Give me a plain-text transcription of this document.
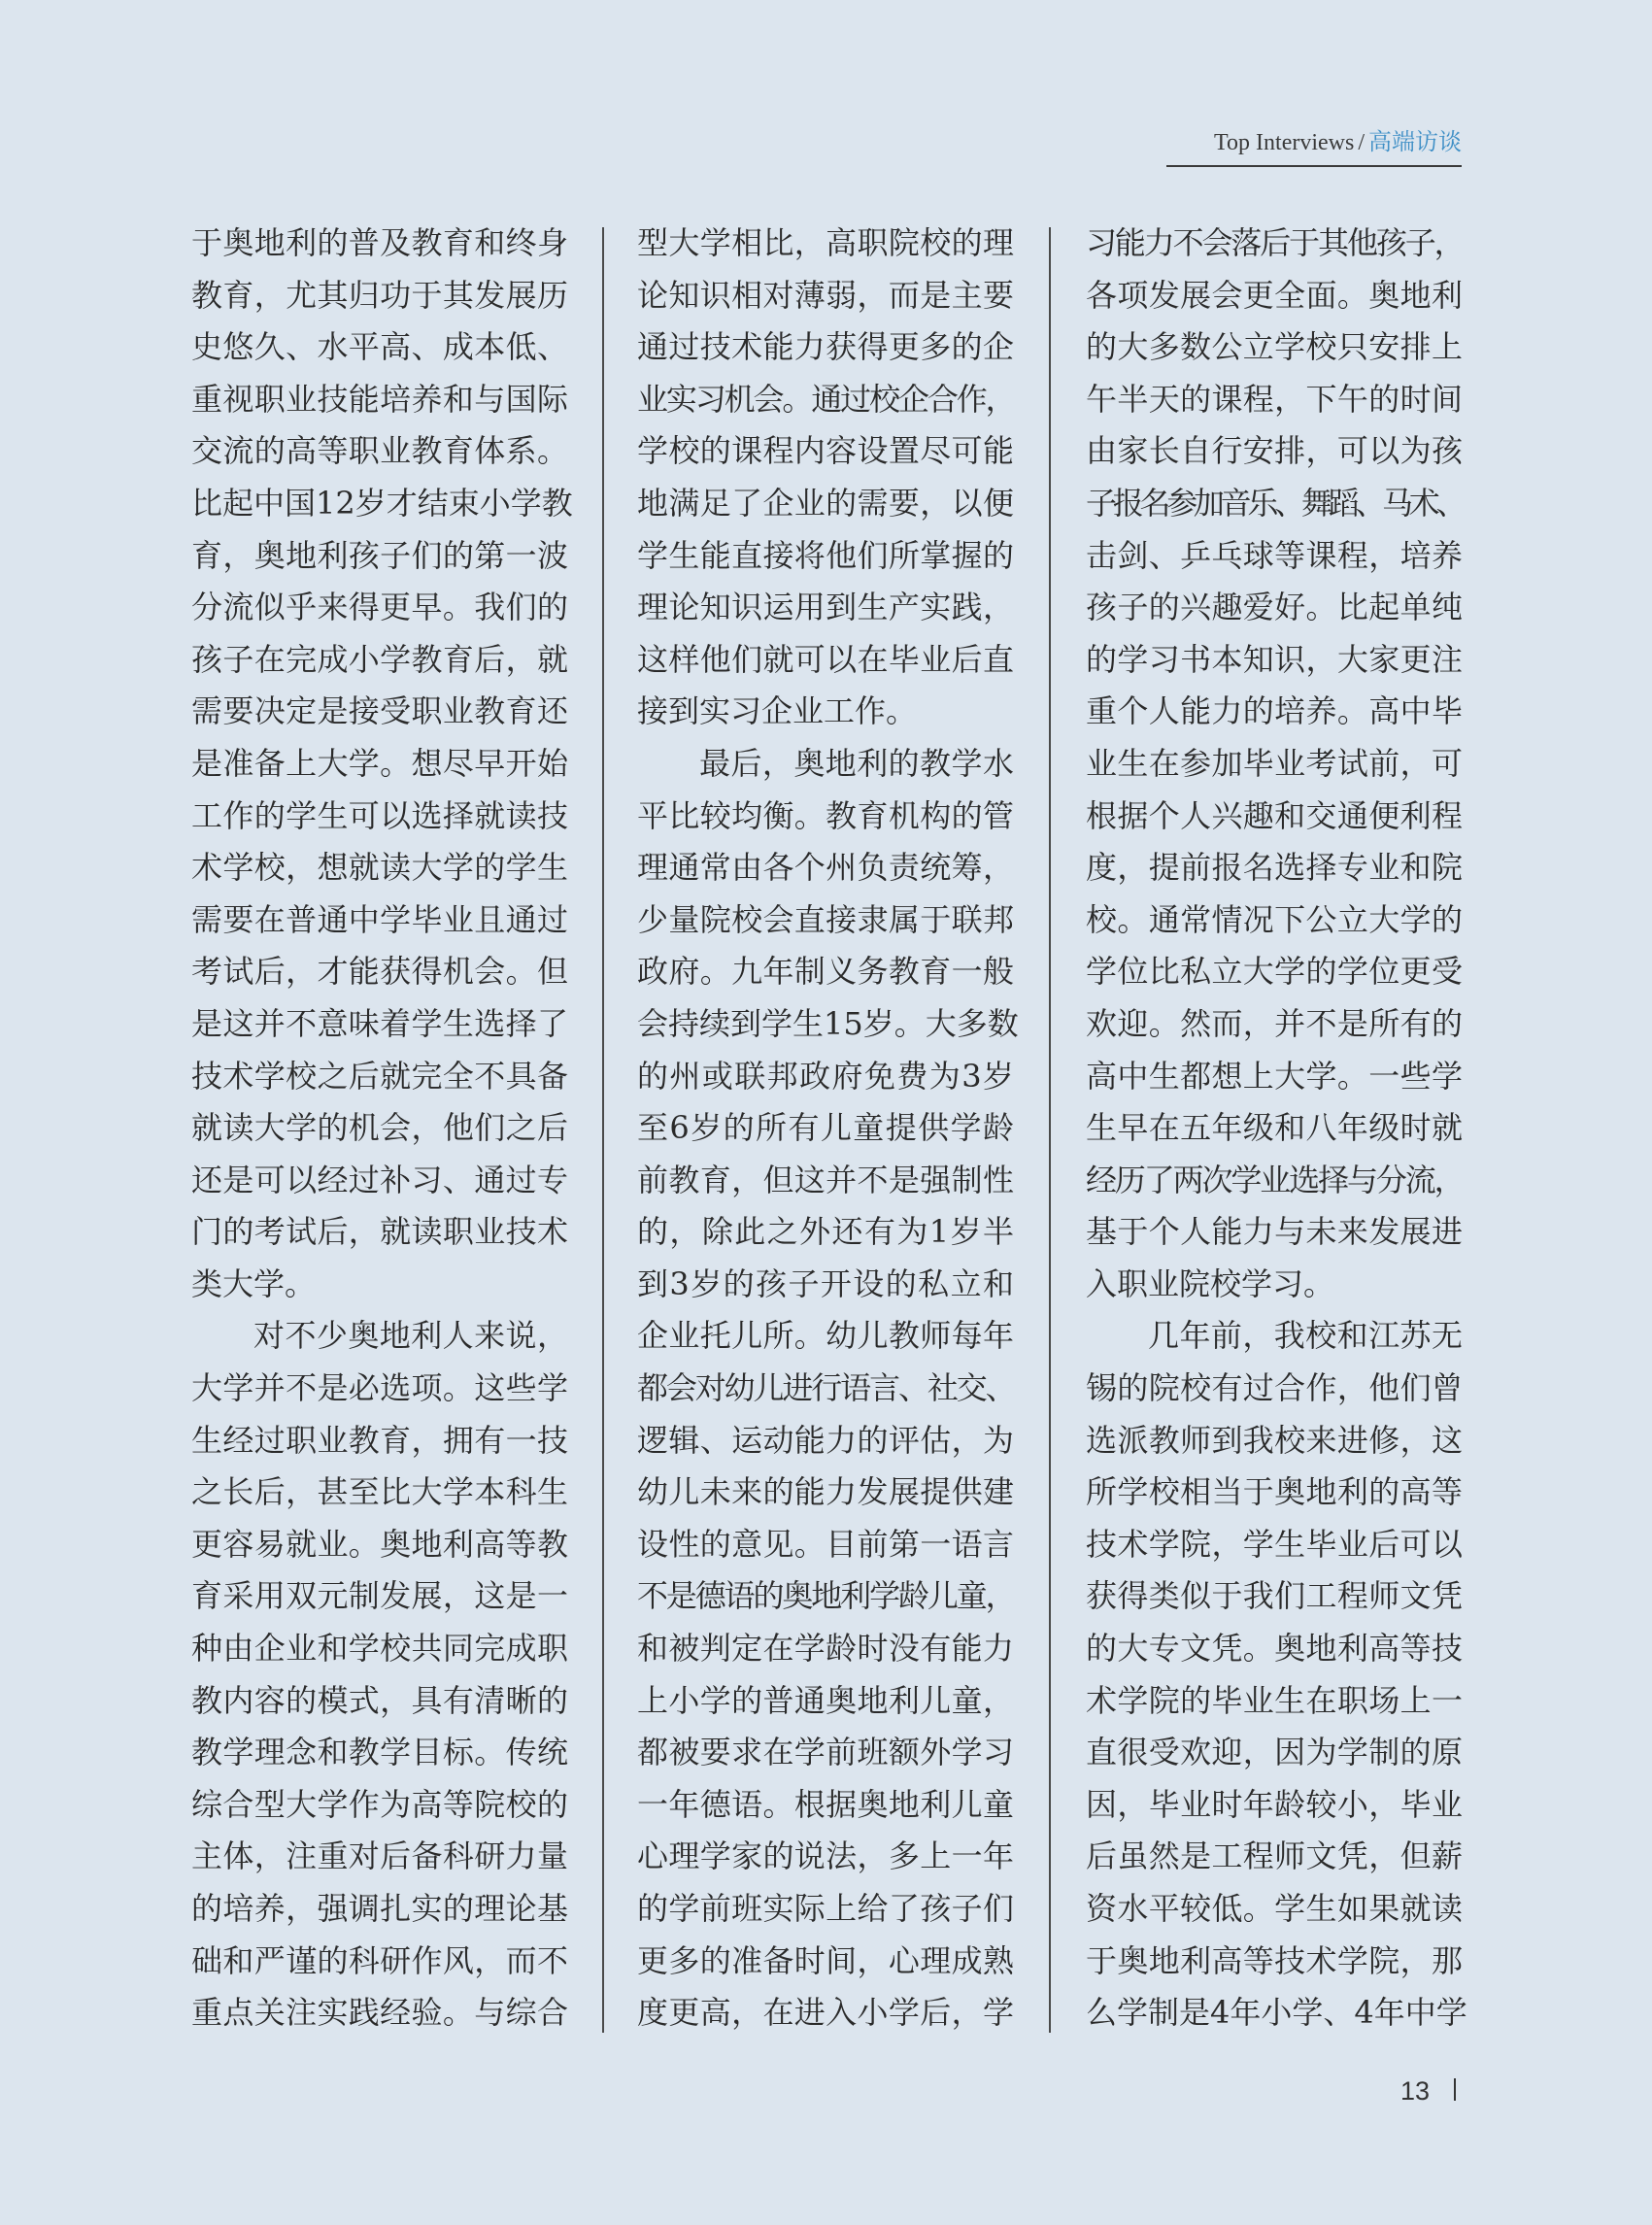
Top Interviews / 高端访谈
于奥地利的普及教育和终身
教育，尤其归功于其发展历
史悠久、水平高、成本低、
重视职业技能培养和与国际
交流的高等职业教育体系。
比起中国12岁才结束小学教
育，奥地利孩子们的第一波
分流似乎来得更早。我们的
孩子在完成小学教育后，就
需要决定是接受职业教育还
是准备上大学。想尽早开始
工作的学生可以选择就读技
术学校，想就读大学的学生
需要在普通中学毕业且通过
考试后，才能获得机会。但
是这并不意味着学生选择了
技术学校之后就完全不具备
就读大学的机会，他们之后
还是可以经过补习、通过专
门的考试后，就读职业技术
类大学。
对不少奥地利人来说，
大学并不是必选项。这些学
生经过职业教育，拥有一技
之长后，甚至比大学本科生
更容易就业。奥地利高等教
育采用双元制发展，这是一
种由企业和学校共同完成职
教内容的模式，具有清晰的
教学理念和教学目标。传统
综合型大学作为高等院校的
主体，注重对后备科研力量
的培养，强调扎实的理论基
础和严谨的科研作风，而不
重点关注实践经验。与综合
型大学相比，高职院校的理
论知识相对薄弱，而是主要
通过技术能力获得更多的企
业实习机会。通过校企合作，
学校的课程内容设置尽可能
地满足了企业的需要，以便
学生能直接将他们所掌握的
理论知识运用到生产实践，
这样他们就可以在毕业后直
接到实习企业工作。
最后，奥地利的教学水
平比较均衡。教育机构的管
理通常由各个州负责统筹，
少量院校会直接隶属于联邦
政府。九年制义务教育一般
会持续到学生15岁。大多数
的州或联邦政府免费为3岁
至6岁的所有儿童提供学龄
前教育，但这并不是强制性
的，除此之外还有为1岁半
到3岁的孩子开设的私立和
企业托儿所。幼儿教师每年
都会对幼儿进行语言、社交、
逻辑、运动能力的评估，为
幼儿未来的能力发展提供建
设性的意见。目前第一语言
不是德语的奥地利学龄儿童，
和被判定在学龄时没有能力
上小学的普通奥地利儿童，
都被要求在学前班额外学习
一年德语。根据奥地利儿童
心理学家的说法，多上一年
的学前班实际上给了孩子们
更多的准备时间，心理成熟
度更高，在进入小学后，学
习能力不会落后于其他孩子，
各项发展会更全面。奥地利
的大多数公立学校只安排上
午半天的课程，下午的时间
由家长自行安排，可以为孩
子报名参加音乐、舞蹈、马术、
击剑、乒乓球等课程，培养
孩子的兴趣爱好。比起单纯
的学习书本知识，大家更注
重个人能力的培养。高中毕
业生在参加毕业考试前，可
根据个人兴趣和交通便利程
度，提前报名选择专业和院
校。通常情况下公立大学的
学位比私立大学的学位更受
欢迎。然而，并不是所有的
高中生都想上大学。一些学
生早在五年级和八年级时就
经历了两次学业选择与分流，
基于个人能力与未来发展进
入职业院校学习。
几年前，我校和江苏无
锡的院校有过合作，他们曾
选派教师到我校来进修，这
所学校相当于奥地利的高等
技术学院，学生毕业后可以
获得类似于我们工程师文凭
的大专文凭。奥地利高等技
术学院的毕业生在职场上一
直很受欢迎，因为学制的原
因，毕业时年龄较小，毕业
后虽然是工程师文凭，但薪
资水平较低。学生如果就读
于奥地利高等技术学院，那
么学制是4年小学、4年中学
13
